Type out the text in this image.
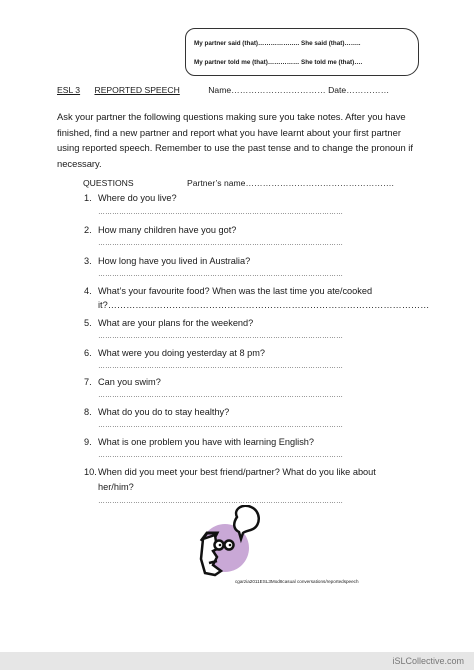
My partner said (that)……………….. She said (that)……..
My partner told me (that)…………… She told me (that)….
ESL 3 REPORTED SPEECH	Name…………………………… Date……………
Ask your partner the following questions making sure you take notes. After you have finished, find a new partner and report what you have learnt about your first partner using reported speech. Remember to use the past tense and to change the pronoun if necessary.
QUESTIONS	Partner’s name…………………………………………….
1. Where do you live?
……………………………………………………………………………………………
2. How many children have you got?
……………………………………………………………………………………………
3. How long have you lived in Australia?
……………………………………………………………………………………………
4. What’s your favourite food? When was the last time you ate/cooked
it?……………………………………………………………………………………………
5. What are your plans for the weekend?
……………………………………………………………………………………………
6. What were you doing yesterday at 8 pm?
……………………………………………………………………………………………
7. Can you swim?
……………………………………………………………………………………………
8. What do you do to stay healthy?
……………………………………………………………………………………………
9. What is one problem you have with learning English?
……………………………………………………………………………………………
10.When did you meet your best friend/partner? What do you like about
her/him?
……………………………………………………………………………………………
cgarzia2011ESL3Mod8casual conversations/reportedspeech
iSLCollective.com
